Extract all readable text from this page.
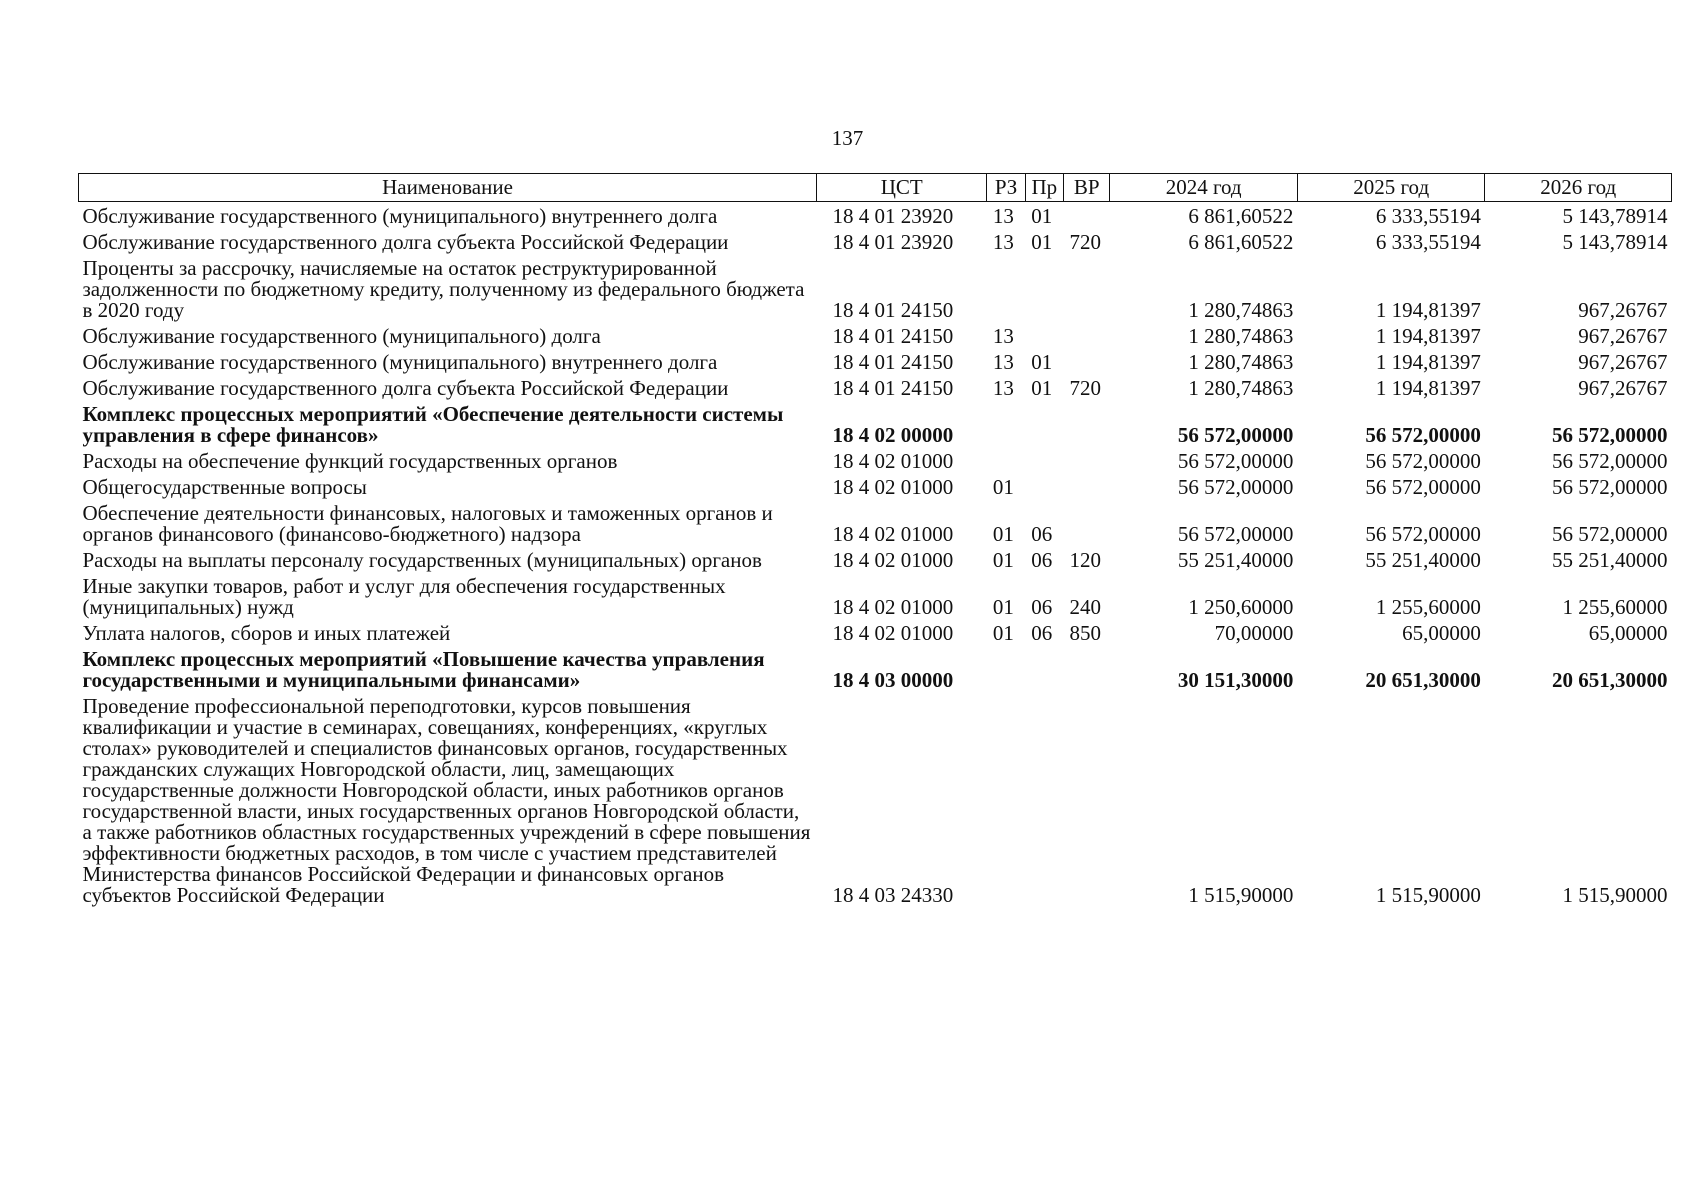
137
Наименование	ЦСТ	РЗ	Пр	ВР	2024 год	2025 год	2026 год
Обслуживание государственного (муниципального) внутреннего долга	18 4 01 23920	13	01		6 861,60522	6 333,55194	5 143,78914
Обслуживание государственного долга субъекта Российской Федерации	18 4 01 23920	13	01	720	6 861,60522	6 333,55194	5 143,78914
Проценты за рассрочку, начисляемые на остаток реструктурированной задолженности по бюджетному кредиту, полученному из федерального бюджета в 2020 году	18 4 01 24150				1 280,74863	1 194,81397	967,26767
Обслуживание государственного (муниципального) долга	18 4 01 24150	13			1 280,74863	1 194,81397	967,26767
Обслуживание государственного (муниципального) внутреннего долга	18 4 01 24150	13	01		1 280,74863	1 194,81397	967,26767
Обслуживание государственного долга субъекта Российской Федерации	18 4 01 24150	13	01	720	1 280,74863	1 194,81397	967,26767
Комплекс процессных мероприятий «Обеспечение деятельности системы управления в сфере финансов»	18 4 02 00000				56 572,00000	56 572,00000	56 572,00000
Расходы на обеспечение функций государственных органов	18 4 02 01000				56 572,00000	56 572,00000	56 572,00000
Общегосударственные вопросы	18 4 02 01000	01			56 572,00000	56 572,00000	56 572,00000
Обеспечение деятельности финансовых, налоговых и таможенных органов и органов финансового (финансово-бюджетного) надзора	18 4 02 01000	01	06		56 572,00000	56 572,00000	56 572,00000
Расходы на выплаты персоналу государственных (муниципальных) органов	18 4 02 01000	01	06	120	55 251,40000	55 251,40000	55 251,40000
Иные закупки товаров, работ и услуг для обеспечения государственных (муниципальных) нужд	18 4 02 01000	01	06	240	1 250,60000	1 255,60000	1 255,60000
Уплата налогов, сборов и иных платежей	18 4 02 01000	01	06	850	70,00000	65,00000	65,00000
Комплекс процессных мероприятий «Повышение качества управления государственными и муниципальными финансами»	18 4 03 00000				30 151,30000	20 651,30000	20 651,30000
Проведение профессиональной переподготовки, курсов повышения квалификации и участие в семинарах, совещаниях, конференциях, «круглых столах» руководителей и специалистов финансовых органов, государственных гражданских служащих Новгородской области, лиц, замещающих государственные должности Новгородской области, иных работников органов государственной власти, иных государственных органов Новгородской области, а также работников областных государственных учреждений в сфере повышения эффективности бюджетных расходов, в том числе с участием представителей Министерства финансов Российской Федерации и финансовых органов субъектов Российской Федерации	18 4 03 24330				1 515,90000	1 515,90000	1 515,90000
